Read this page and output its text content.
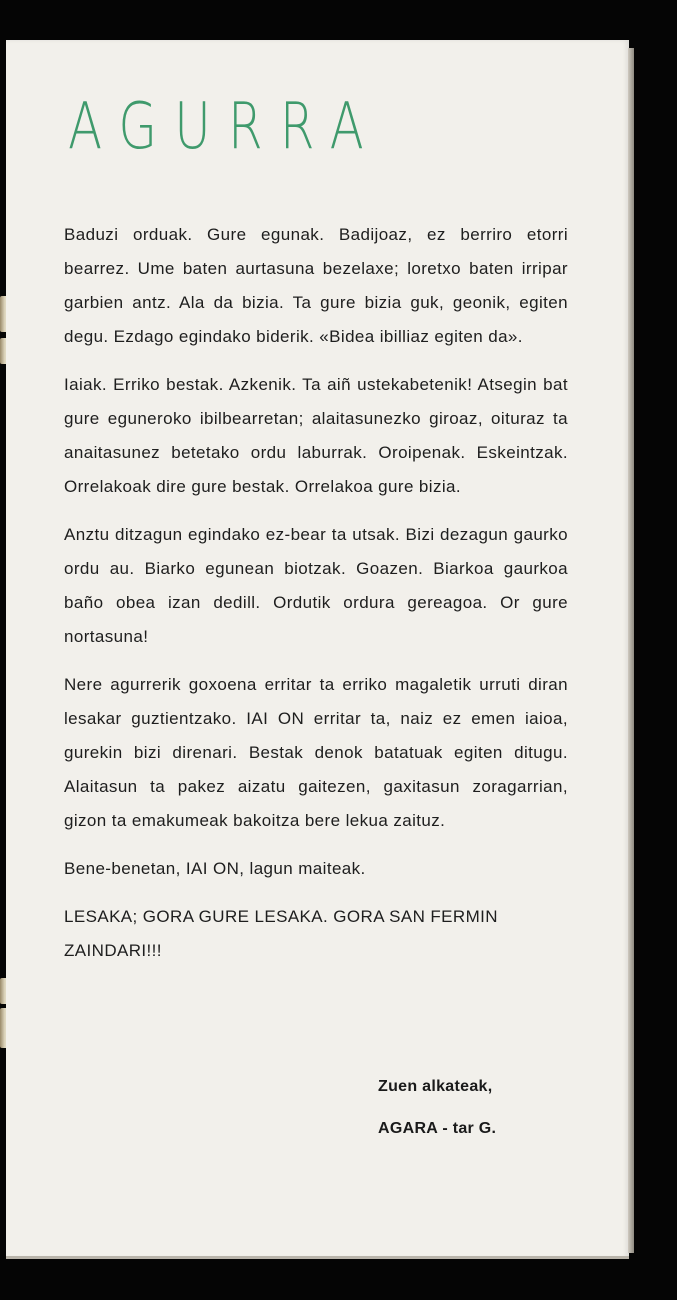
AGURRA

Baduzi orduak. Gure egunak. Badijoaz, ez berriro etorri bearrez. Ume baten aurtasuna bezelaxe; loretxo baten irripar garbien antz. Ala da bizia. Ta gure bizia guk, geonik, egiten degu. Ezdago egindako biderik. «Bidea ibilliaz egiten da».

Iaiak. Erriko bestak. Azkenik. Ta aiñ ustekabetenik! Atsegin bat gure eguneroko ibilbearretan; alaitasunezko giroaz, oituraz ta anaitasunez betetako ordu laburrak. Oroipenak. Eskeintzak. Orrelakoak dire gure bestak. Orrelakoa gure bizia.

Anztu ditzagun egindako ez-bear ta utsak. Bizi dezagun gaurko ordu au. Biarko egunean biotzak. Goazen. Biarkoa gaurkoa baño obea izan dedill. Ordutik ordura gereagoa. Or gure nortasuna!

Nere agurrerik goxoena erritar ta erriko magaletik urruti diran lesakar guztientzako. IAI ON erritar ta, naiz ez emen iaioa, gurekin bizi direnari. Bestak denok batatuak egiten ditugu. Alaitasun ta pakez aizatu gaitezen, gaxitasun zoragarrian, gizon ta emakumeak bakoitza bere lekua zaituz.

Bene-benetan, IAI ON, lagun maiteak.

LESAKA; GORA GURE LESAKA. GORA SAN FERMIN ZAINDARI!!!

Zuen alkateak,
AGARA - tar G.
